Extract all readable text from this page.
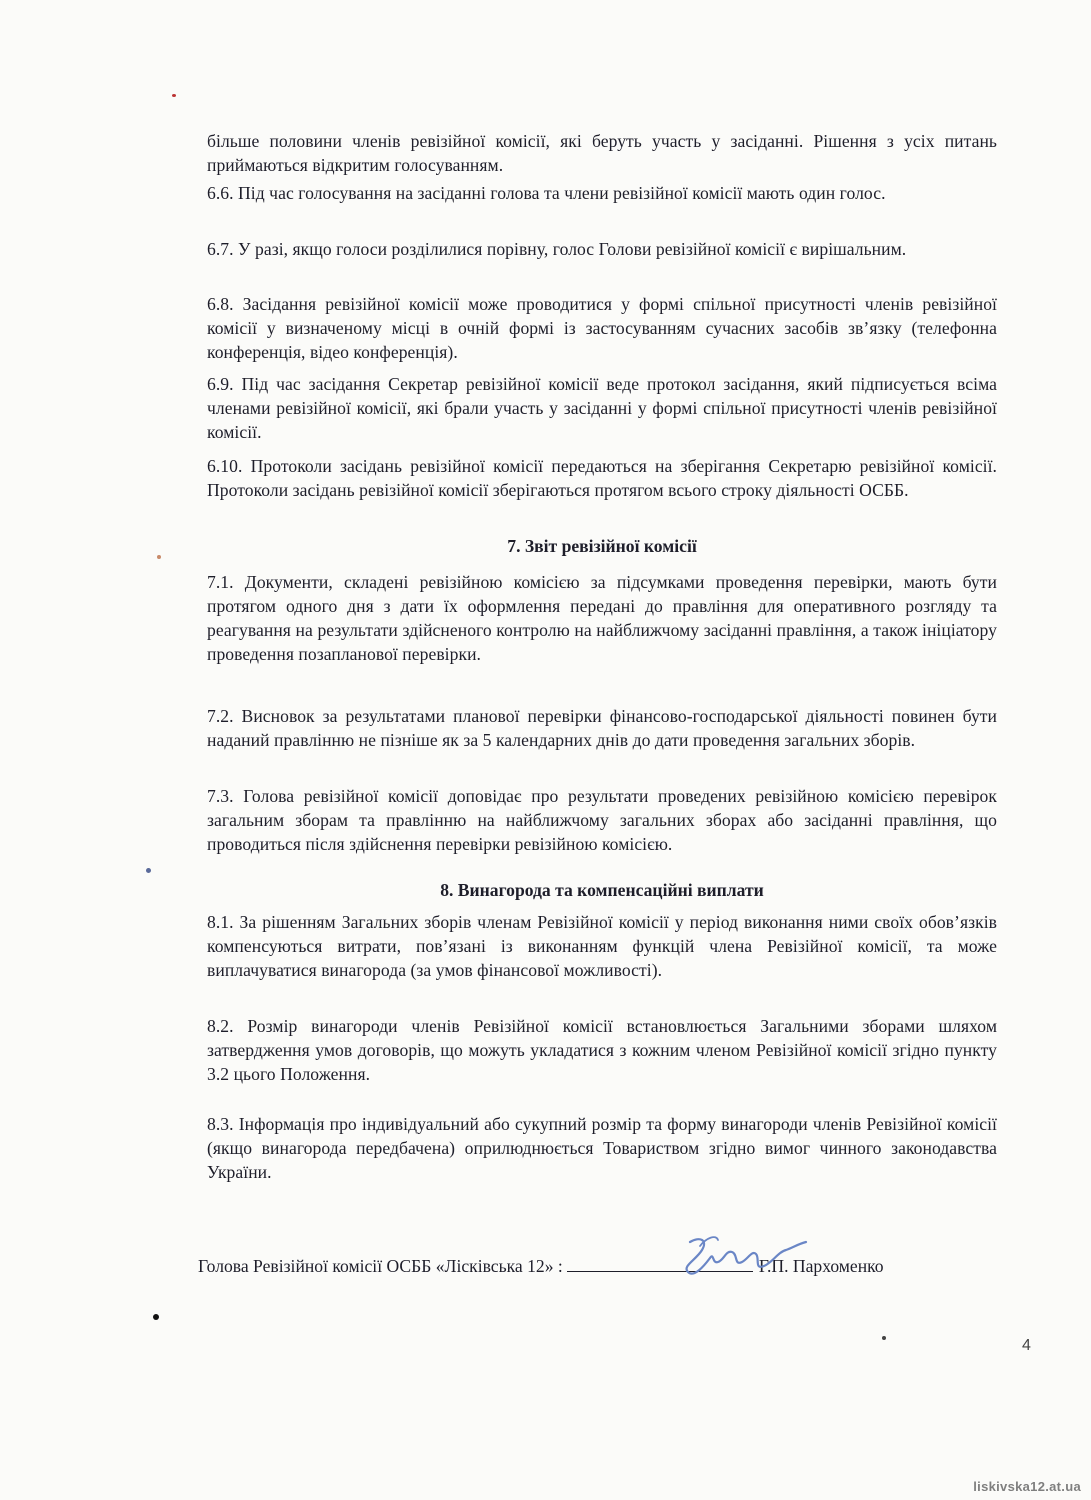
більше половини членів ревізійної комісії, які беруть участь у засіданні. Рішення з усіх питань приймаються відкритим голосуванням.

6.6. Під час голосування на засіданні голова та члени ревізійної комісії мають один голос.

6.7. У разі, якщо голоси розділилися порівну, голос Голови ревізійної комісії є вирішальним.

6.8. Засідання ревізійної комісії може проводитися у формі спільної присутності членів ревізійної комісії у визначеному місці в очній формі із застосуванням сучасних засобів зв’язку (телефонна конференція, відео конференція).

6.9. Під час засідання Секретар ревізійної комісії веде протокол засідання, який підписується всіма членами ревізійної комісії, які брали участь у засіданні у формі спільної присутності членів ревізійної комісії.

6.10. Протоколи засідань ревізійної комісії передаються на зберігання Секретарю ревізійної комісії. Протоколи засідань ревізійної комісії зберігаються протягом всього строку діяльності ОСББ.

7. Звіт ревізійної комісії

7.1. Документи, складені ревізійною комісією за підсумками проведення перевірки, мають бути протягом одного дня з дати їх оформлення передані до правління для оперативного розгляду та реагування на результати здійсненого контролю на найближчому засіданні правління, а також ініціатору проведення позапланової перевірки.

7.2. Висновок за результатами планової перевірки фінансово-господарської діяльності повинен бути наданий правлінню не пізніше як за 5 календарних днів до дати проведення загальних зборів.

7.3. Голова ревізійної комісії доповідає про результати проведених ревізійною комісією перевірок загальним зборам та правлінню на найближчому загальних зборах або засіданні правління, що проводиться після здійснення перевірки ревізійною комісією.

8. Винагорода та компенсаційні виплати

8.1. За рішенням Загальних зборів членам Ревізійної комісії у період виконання ними своїх обов’язків компенсуються витрати, пов’язані із виконанням функцій члена Ревізійної комісії, та може виплачуватися винагорода (за умов фінансової можливості).

8.2. Розмір винагороди членів Ревізійної комісії встановлюється Загальними зборами шляхом затвердження умов договорів, що можуть укладатися з кожним членом Ревізійної комісії згідно пункту 3.2 цього Положення.

8.3. Інформація про індивідуальний або сукупний розмір та форму винагороди членів Ревізійної комісії (якщо винагорода передбачена) оприлюднюється Товариством згідно вимог чинного законодавства України.

Голова Ревізійної комісії ОСББ «Лісківська 12» :	Г.П. Пархоменко
4
liskivska12.at.ua
